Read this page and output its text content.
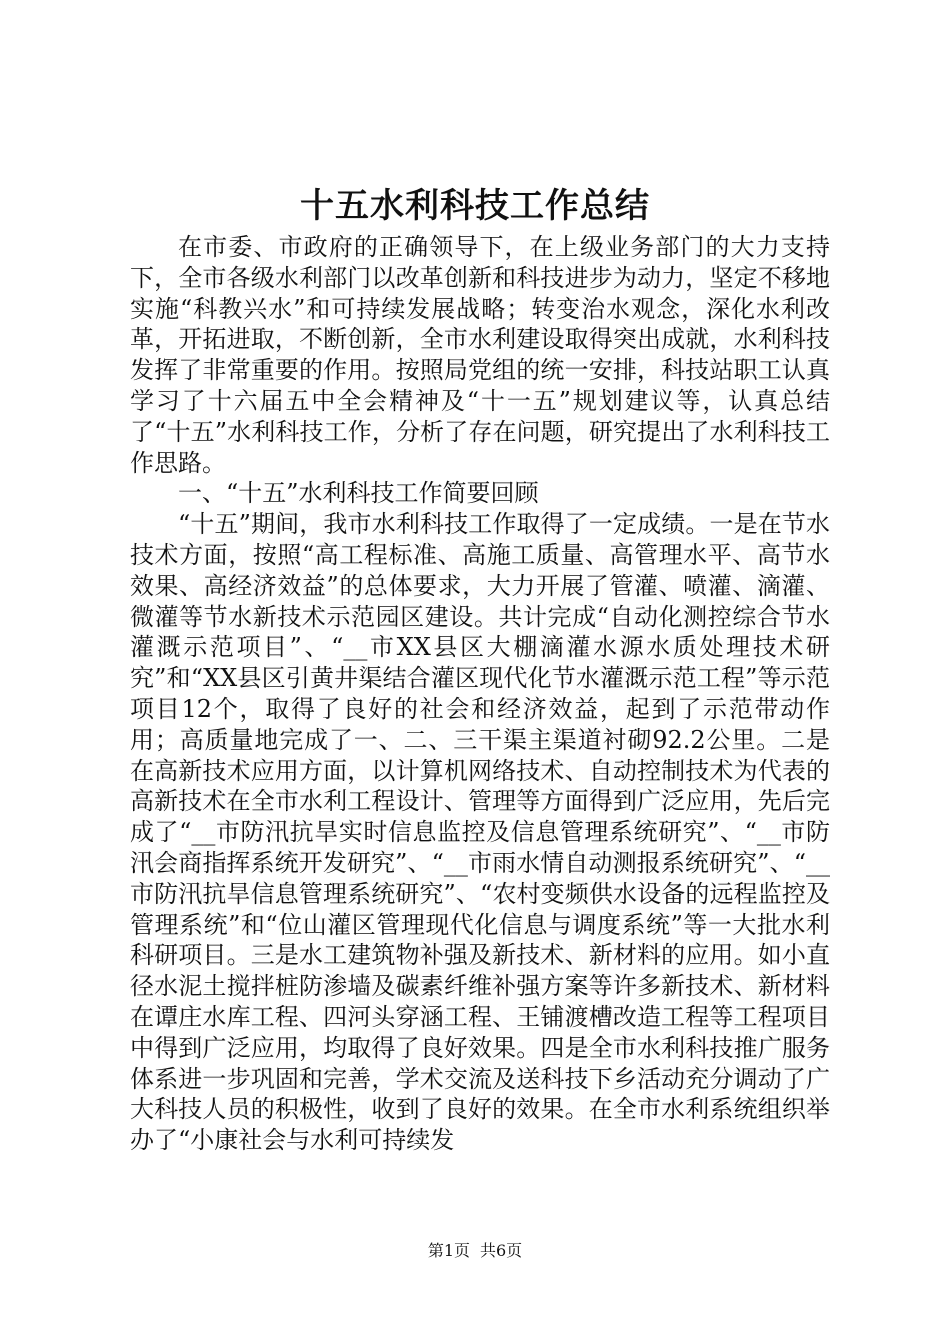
十五水利科技工作总结

在市委、市政府的正确领导下，在上级业务部门的大力支持下，全市各级水利部门以改革创新和科技进步为动力，坚定不移地实施“科教兴水”和可持续发展战略；转变治水观念，深化水利改革，开拓进取，不断创新，全市水利建设取得突出成就，水利科技发挥了非常重要的作用。按照局党组的统一安排，科技站职工认真学习了十六届五中全会精神及“十一五”规划建议等，认真总结了“十五”水利科技工作，分析了存在问题，研究提出了水利科技工作思路。

一、“十五”水利科技工作简要回顾

“十五”期间，我市水利科技工作取得了一定成绩。一是在节水技术方面，按照“高工程标准、高施工质量、高管理水平、高节水效果、高经济效益”的总体要求，大力开展了管灌、喷灌、滴灌、微灌等节水新技术示范园区建设。共计完成“自动化测控综合节水灌溉示范项目”、“__市XX县区大棚滴灌水源水质处理技术研究”和“XX县区引黄井渠结合灌区现代化节水灌溉示范工程”等示范项目12个，取得了良好的社会和经济效益，起到了示范带动作用；高质量地完成了一、二、三干渠主渠道衬砌92.2公里。二是在高新技术应用方面，以计算机网络技术、自动控制技术为代表的高新技术在全市水利工程设计、管理等方面得到广泛应用，先后完成了“__市防汛抗旱实时信息监控及信息管理系统研究”、“__市防汛会商指挥系统开发研究”、“__市雨水情自动测报系统研究”、“__市防汛抗旱信息管理系统研究”、“农村变频供水设备的远程监控及管理系统”和“位山灌区管理现代化信息与调度系统”等一大批水利科研项目。三是水工建筑物补强及新技术、新材料的应用。如小直径水泥土搅拌桩防渗墙及碳素纤维补强方案等许多新技术、新材料在谭庄水库工程、四河头穿涵工程、王铺渡槽改造工程等工程项目中得到广泛应用，均取得了良好效果。四是全市水利科技推广服务体系进一步巩固和完善，学术交流及送科技下乡活动充分调动了广大科技人员的积极性，收到了良好的效果。在全市水利系统组织举办了“小康社会与水利可持续发

第1页 共6页
